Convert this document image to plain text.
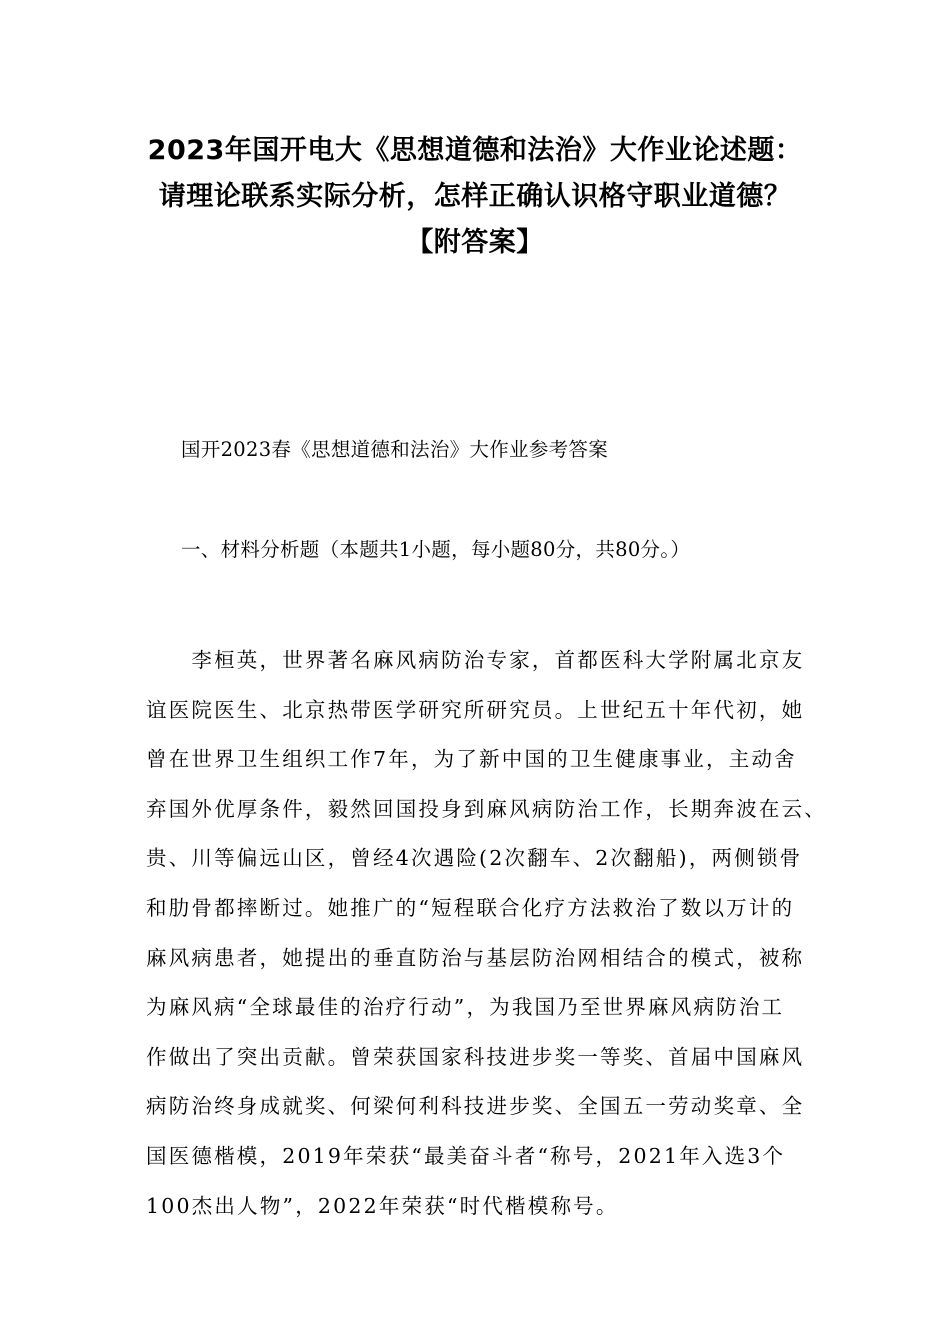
2023年国开电大《思想道德和法治》大作业论述题：
请理论联系实际分析，怎样正确认识格守职业道德？
【附答案】
国开2023春《思想道德和法治》大作业参考答案
一、材料分析题（本题共1小题，每小题80分，共80分。）
　　李桓英，世界著名麻风病防治专家，首都医科大学附属北京友
谊医院医生、北京热带医学研究所研究员。上世纪五十年代初，她
曾在世界卫生组织工作7年，为了新中国的卫生健康事业，主动舍
弃国外优厚条件，毅然回国投身到麻风病防治工作，长期奔波在云、
贵、川等偏远山区，曾经4次遇险(2次翻车、2次翻船)，两侧锁骨
和肋骨都摔断过。她推广的“短程联合化疗方法救治了数以万计的
麻风病患者，她提出的垂直防治与基层防治网相结合的模式，被称
为麻风病“全球最佳的治疗行动”，为我国乃至世界麻风病防治工
作做出了突出贡献。曾荣获国家科技进步奖一等奖、首届中国麻风
病防治终身成就奖、何梁何利科技进步奖、全国五一劳动奖章、全
国医德楷模，2019年荣获“最美奋斗者“称号，2021年入选3个
100杰出人物”，2022年荣获“时代楷模称号。
